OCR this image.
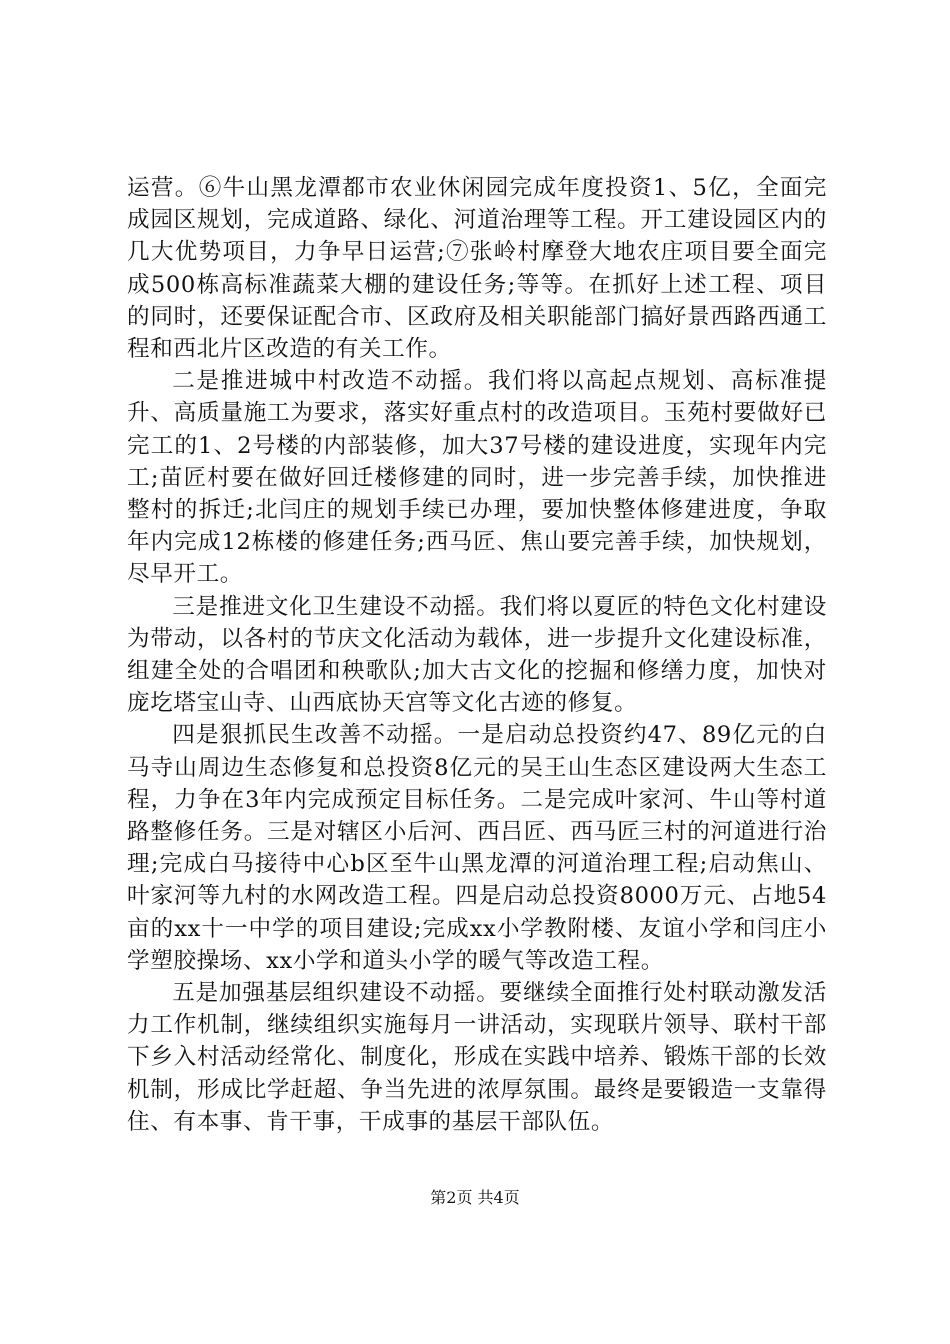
运营。⑥牛山黑龙潭都市农业休闲园完成年度投资1、5亿，全面完成园区规划，完成道路、绿化、河道治理等工程。开工建设园区内的几大优势项目，力争早日运营;⑦张岭村摩登大地农庄项目要全面完成500栋高标准蔬菜大棚的建设任务;等等。在抓好上述工程、项目的同时，还要保证配合市、区政府及相关职能部门搞好景西路西通工程和西北片区改造的有关工作。

二是推进城中村改造不动摇。我们将以高起点规划、高标准提升、高质量施工为要求，落实好重点村的改造项目。玉苑村要做好已完工的1、2号楼的内部装修，加大37号楼的建设进度，实现年内完工;苗匠村要在做好回迁楼修建的同时，进一步完善手续，加快推进整村的拆迁;北闫庄的规划手续已办理，要加快整体修建进度，争取年内完成12栋楼的修建任务;西马匠、焦山要完善手续，加快规划，尽早开工。

三是推进文化卫生建设不动摇。我们将以夏匠的特色文化村建设为带动，以各村的节庆文化活动为载体，进一步提升文化建设标准，组建全处的合唱团和秧歌队;加大古文化的挖掘和修缮力度，加快对庞圪塔宝山寺、山西底协天宫等文化古迹的修复。

四是狠抓民生改善不动摇。一是启动总投资约47、89亿元的白马寺山周边生态修复和总投资8亿元的吴王山生态区建设两大生态工程，力争在3年内完成预定目标任务。二是完成叶家河、牛山等村道路整修任务。三是对辖区小后河、西吕匠、西马匠三村的河道进行治理;完成白马接待中心b区至牛山黑龙潭的河道治理工程;启动焦山、叶家河等九村的水网改造工程。四是启动总投资8000万元、占地54亩的xx十一中学的项目建设;完成xx小学教附楼、友谊小学和闫庄小学塑胶操场、xx小学和道头小学的暖气等改造工程。

五是加强基层组织建设不动摇。要继续全面推行处村联动激发活力工作机制，继续组织实施每月一讲活动，实现联片领导、联村干部下乡入村活动经常化、制度化，形成在实践中培养、锻炼干部的长效机制，形成比学赶超、争当先进的浓厚氛围。最终是要锻造一支靠得住、有本事、肯干事，干成事的基层干部队伍。

第2页 共4页
